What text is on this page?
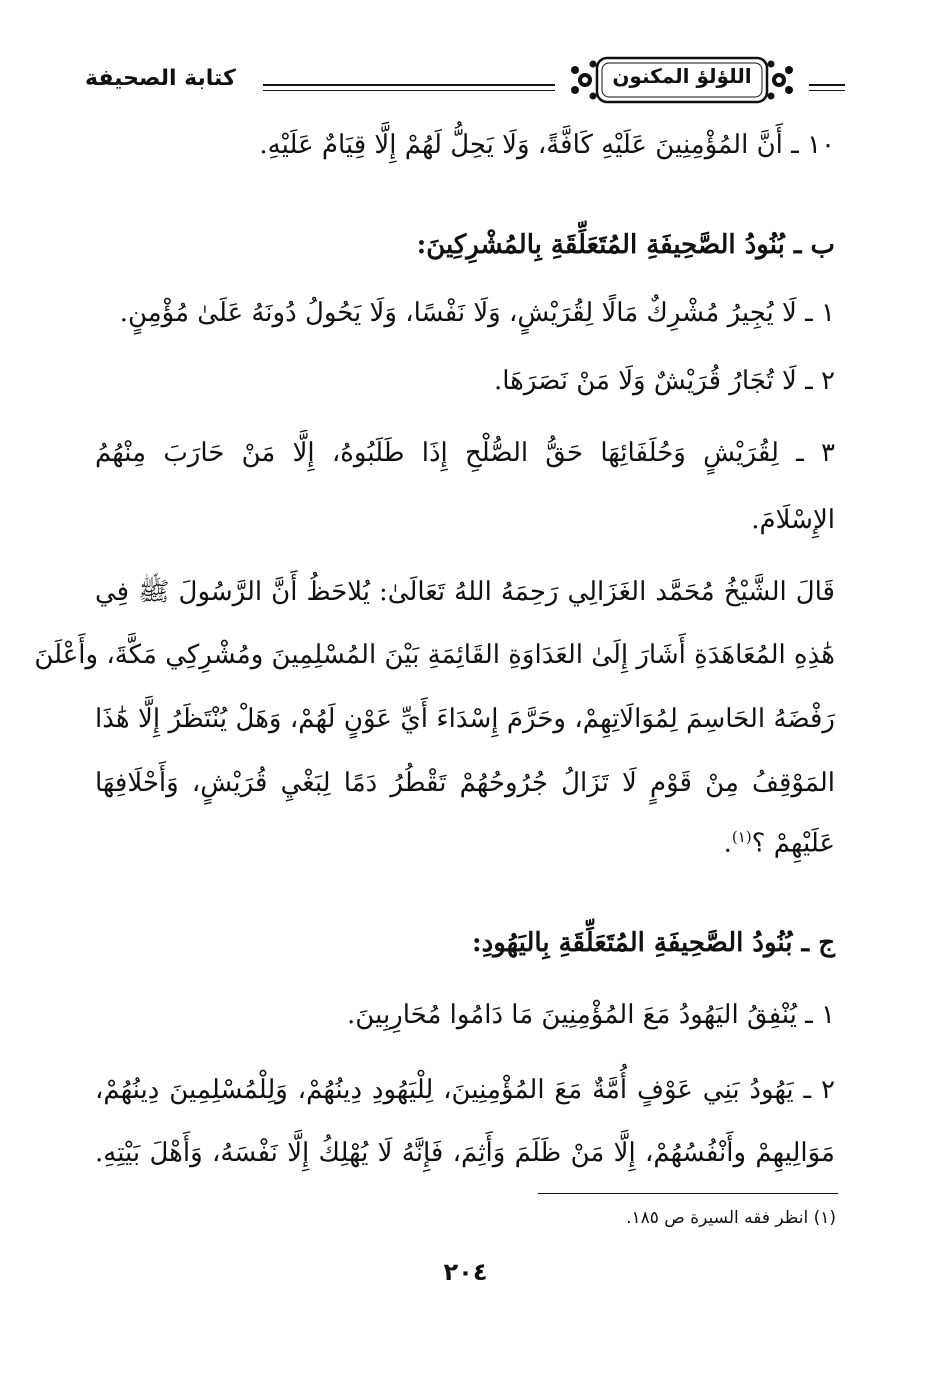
كتابة الصحيفة	اللؤلؤ المكنون
١٠ ـ أَنَّ المُؤْمِنِينَ عَلَيْهِ كَافَّةً، وَلَا يَحِلُّ لَهُمْ إِلَّا قِيَامٌ عَلَيْهِ.
ب ـ بُنُودُ الصَّحِيفَةِ المُتَعَلِّقَةِ بِالمُشْرِكِينَ:
١ ـ لَا يُجِيرُ مُشْرِكٌ مَالًا لِقُرَيْشٍ، وَلَا نَفْسًا، وَلَا يَحُولُ دُونَهُ عَلَىٰ مُؤْمِنٍ.
٢ ـ لَا تُجَارُ قُرَيْشٌ وَلَا مَنْ نَصَرَهَا.
٣ ـ لِقُرَيْشٍ وَحُلَفَائِهَا حَقُّ الصُّلْحِ إِذَا طَلَبُوهُ، إِلَّا مَنْ حَارَبَ مِنْهُمُ
الإِسْلَامَ.
قَالَ الشَّيْخُ مُحَمَّد الغَزَالِي رَحِمَهُ اللهُ تَعَالَىٰ: يُلاحَظُ أَنَّ الرَّسُولَ ﷺ فِي
هَٰذِهِ المُعَاهَدَةِ أَشَارَ إِلَىٰ العَدَاوَةِ القَائِمَةِ بَيْنَ المُسْلِمِينَ ومُشْرِكِي مَكَّةَ، وأَعْلَنَ
رَفْضَهُ الحَاسِمَ لِمُوَالَاتِهِمْ، وحَرَّمَ إِسْدَاءَ أَيِّ عَوْنٍ لَهُمْ، وَهَلْ يُنْتَظَرُ إِلَّا هَٰذَا
المَوْقِفُ مِنْ قَوْمٍ لَا تَزَالُ جُرُوحُهُمْ تَقْطُرُ دَمًا لِبَغْيِ قُرَيْشٍ، وَأَحْلَافِهَا
عَلَيْهِمْ ؟$^{(١)}$.
ج ـ بُنُودُ الصَّحِيفَةِ المُتَعَلِّقَةِ بِاليَهُودِ:
١ ـ يُنْفِقُ اليَهُودُ مَعَ المُؤْمِنِينَ مَا دَامُوا مُحَارِبِينَ.
٢ ـ يَهُودُ بَنِي عَوْفٍ أُمَّةٌ مَعَ المُؤْمِنِينَ، لِلْيَهُودِ دِينُهُمْ، وَلِلْمُسْلِمِينَ دِينُهُمْ،
مَوَالِيهِمْ وأَنْفُسُهُمْ، إِلَّا مَنْ ظَلَمَ وَأَثِمَ، فَإِنَّهُ لَا يُهْلِكُ إِلَّا نَفْسَهُ، وَأَهْلَ بَيْتِهِ.
(١) انظر فقه السيرة ص ١٨٥.
٢٠٤
